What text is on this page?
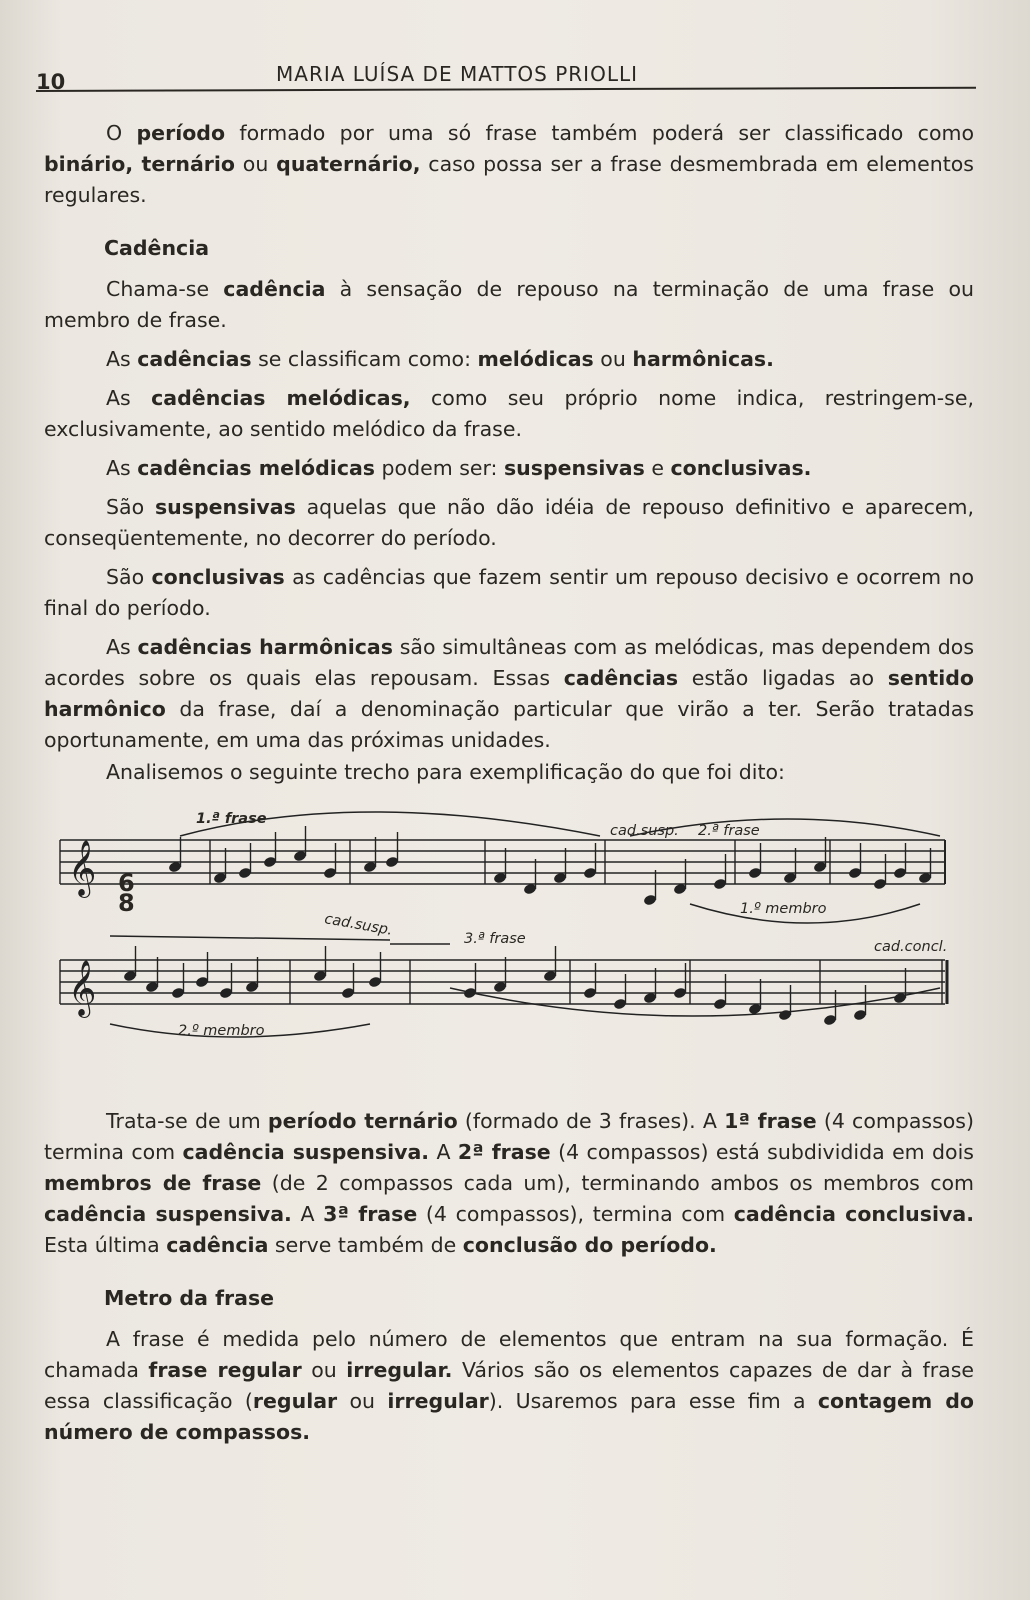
10	MARIA LUÍSA DE MATTOS PRIOLLI

O período formado por uma só frase também poderá ser classificado como binário, ternário ou quaternário, caso possa ser a frase desmembrada em elementos regulares.

Cadência

Chama-se cadência à sensação de repouso na terminação de uma frase ou membro de frase.

As cadências se classificam como: melódicas ou harmônicas.

As cadências melódicas, como seu próprio nome indica, restringem-se, exclusivamente, ao sentido melódico da frase.

As cadências melódicas podem ser: suspensivas e conclusivas.

São suspensivas aquelas que não dão idéia de repouso definitivo e aparecem, conseqüentemente, no decorrer do período.

São conclusivas as cadências que fazem sentir um repouso decisivo e ocorrem no final do período.

As cadências harmônicas são simultâneas com as melódicas, mas dependem dos acordes sobre os quais elas repousam. Essas cadências estão ligadas ao sentido harmônico da frase, daí a denominação particular que virão a ter. Serão tratadas oportunamente, em uma das próximas unidades.

Analisemos o seguinte trecho para exemplificação do que foi dito:

𝄞
𝄞
6
8
1.ª frase
cad.susp. 2.ª frase
1.º membro
cad.susp.
3.ª frase	cad.concl.
2.º membro

Trata-se de um período ternário (formado de 3 frases). A 1ª frase (4 compassos) termina com cadência suspensiva. A 2ª frase (4 compassos) está subdividida em dois membros de frase (de 2 compassos cada um), terminando ambos os membros com cadência suspensiva. A 3ª frase (4 compassos), termina com cadência conclusiva. Esta última cadência serve também de conclusão do período.

Metro da frase

A frase é medida pelo número de elementos que entram na sua formação. É chamada frase regular ou irregular. Vários são os elementos capazes de dar à frase essa classificação (regular ou irregular). Usaremos para esse fim a contagem do número de compassos.
